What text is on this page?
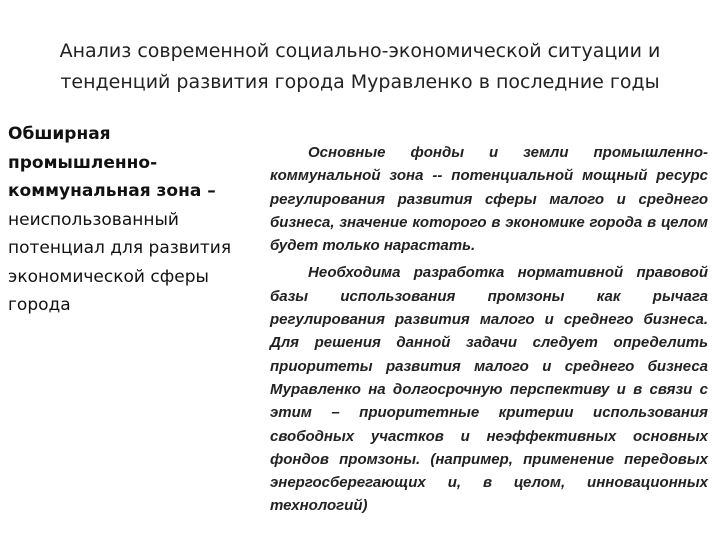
Анализ современной социально-экономической ситуации и тенденций развития города Муравленко в последние годы
Обширная промышленно-коммунальная зона – неиспользованный потенциал для развития экономической сферы города

Основные фонды и земли промышленно-коммунальной зона -- потенциальной мощный ресурс регулирования развития сферы малого и среднего бизнеса, значение которого в экономике города в целом будет только нарастать.

Необходима разработка нормативной правовой базы использования промзоны как рычага регулирования развития малого и среднего бизнеса. Для решения данной задачи следует определить приоритеты развития малого и среднего бизнеса Муравленко на долгосрочную перспективу и в связи с этим – приоритетные критерии использования свободных участков и неэффективных основных фондов промзоны. (например, применение передовых энергосберегающих и, в целом, инновационных технологий)
